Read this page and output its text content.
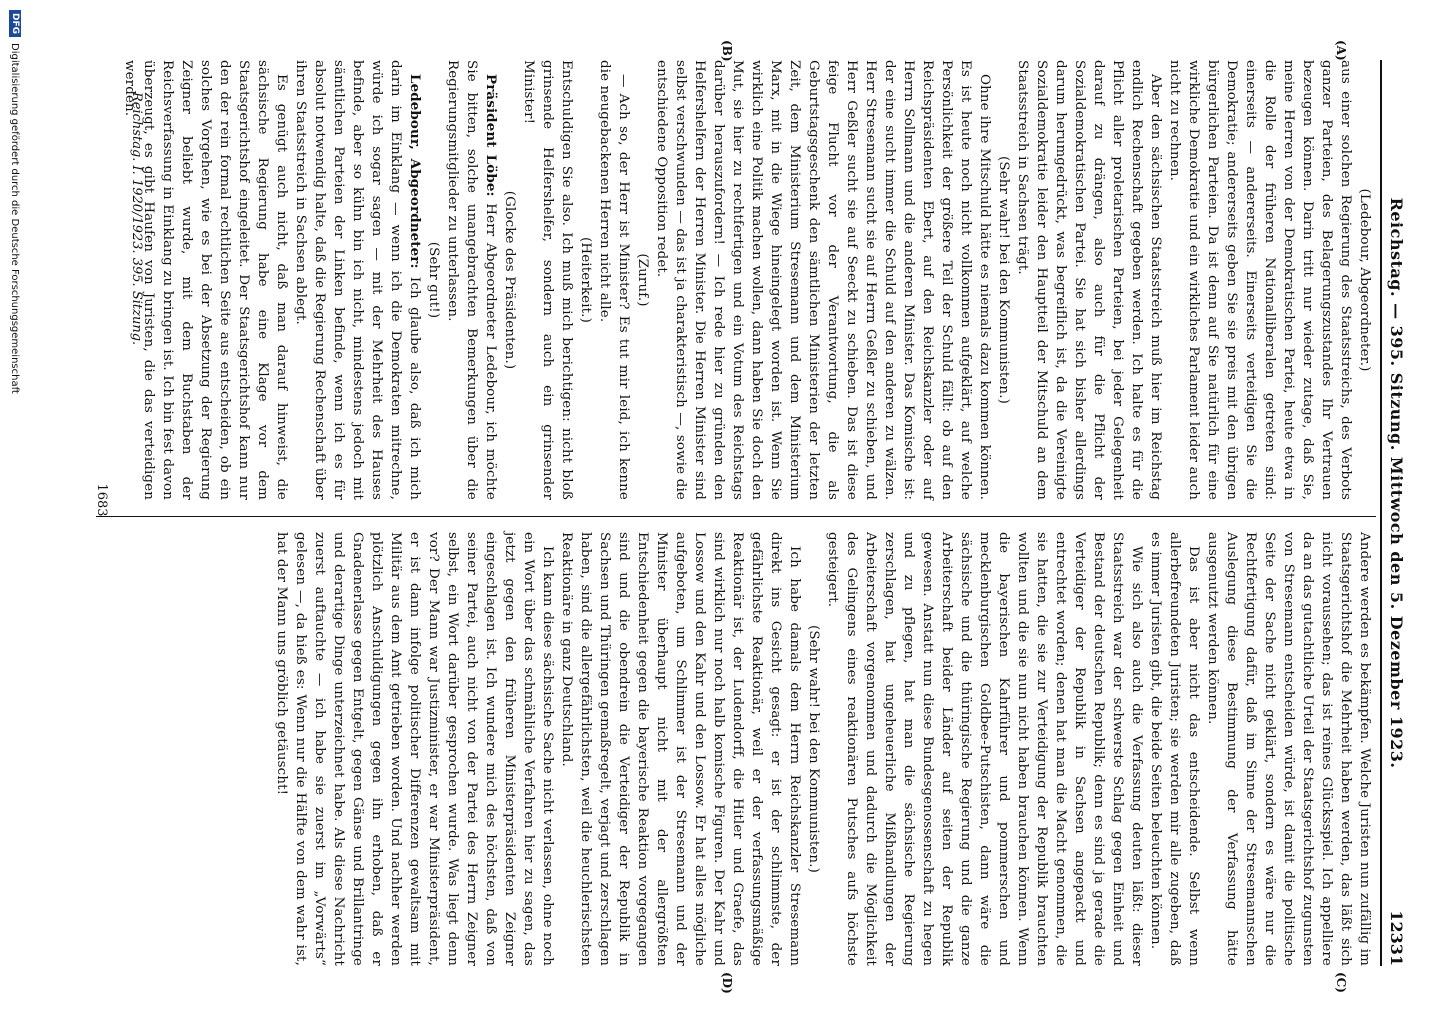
Reichstag. — 395. Sitzung. Mittwoch den 5. Dezember 1923.
12331
(A)
(B)
(C)
(D)

(Ledebour, Abgeordneter.)

aus einer solchen Regierung des Staatsstreichs, des Verbots ganzer Parteien, des Belagerungszustandes Ihr Vertrauen bezeugen können. Darin tritt nur wieder zutage, daß Sie, meine Herren von der Demokratischen Partei, heute etwa in die Rolle der früheren Nationalliberalen getreten sind: einerseits — andererseits. Einerseits verteidigen Sie die Demokratie; andererseits geben Sie sie preis mit den übrigen bürgerlichen Parteien. Da ist denn auf Sie natürlich für eine wirkliche Demokratie und ein wirkliches Parlament leider auch nicht zu rechnen.

Aber den sächsischen Staatsstreich muß hier im Reichstag endlich Rechenschaft gegeben werden. Ich halte es für die Pflicht aller proletarischen Parteien, bei jeder Gelegenheit darauf zu drängen, also auch für die Pflicht der Sozialdemokratischen Partei. Sie hat sich bisher allerdings darum herumgedrückt, was begreiflich ist, da die Vereinigte Sozialdemokratie leider den Hauptteil der Mitschuld an dem Staatsstreich in Sachsen trägt.

(Sehr wahr! bei den Kommunisten.)

Ohne ihre Mitschuld hätte es niemals dazu kommen können. Es ist heute noch nicht vollkommen aufgeklärt, auf welche Persönlichkeit der größere Teil der Schuld fällt: ob auf den Reichspräsidenten Ebert, auf den Reichskanzler oder auf Herrn Sollmann und die anderen Minister. Das Komische ist: der eine sucht immer die Schuld auf den anderen zu wälzen. Herr Stresemann sucht sie auf Herrn Geßler zu schieben, und Herr Geßler sucht sie auf Seeckt zu schieben. Das ist diese feige Flucht vor der Verantwortung, die als Geburtstagsgeschenk den sämtlichen Ministerien der letzten Zeit, dem Ministerium Stresemann und dem Ministerium Marx, mit in die Wiege hineingelegt worden ist. Wenn Sie wirklich eine Politik machen wollen, dann haben Sie doch den Mut, sie hier zu rechtfertigen und ein Votum des Reichstags darüber herauszufordern! — Ich rede hier zu gründen den Helfershelfern der Herren Minister. Die Herren Minister sind selbst verschwunden — das ist ja charakteristisch —, sowie die entschiedene Opposition redet.

(Zuruf.)

— Ach so, der Herr ist Minister? Es tut mir leid, ich kenne die neugebackenen Herren nicht alle.

(Heiterkeit.)

Entschuldigen Sie also. Ich muß mich berichtigen: nicht bloß grinsende Helfershelfer, sondern auch ein grinsender Minister!

(Glocke des Präsidenten.)

Präsident Löbe: Herr Abgeordneter Ledebour, ich möchte Sie bitten, solche unangebrachten Bemerkungen über die Regierungsmitglieder zu unterlassen.

(Sehr gut!)

Ledebour, Abgeordneter: Ich glaube also, daß ich mich darin im Einklang — wenn ich die Demokraten mitrechne, würde ich sogar sagen — mit der Mehrheit des Hauses befinde, aber so kühn bin ich nicht, mindestens jedoch mit sämtlichen Parteien der Linken befinde, wenn ich es für absolut notwendig halte, daß die Regierung Rechenschaft über ihren Staatsstreich in Sachsen ablegt.

Es genügt auch nicht, daß man darauf hinweist, die sächsische Regierung habe eine Klage vor dem Staatsgerichtshof eingeleitet. Der Staatsgerichtshof kann nur den der rein formal rechtlichen Seite aus entscheiden, ob ein solches Vorgehen, wie es bei der Absetzung der Regierung Zeigner beliebt wurde, mit dem Buchstaben der Reichsverfassung in Einklang zu bringen ist. Ich bin fest davon überzeugt, es gibt Haufen von Juristen, die das verteidigen werden.

Andere werden es bekämpfen. Welche Juristen nun zufällig im Staatsgerichtshof die Mehrheit haben werden, das läßt sich nicht voraussehen; das ist reines Glücksspiel. Ich appelliere da an das gutachtliche Urteil der Staatsgerichtshof zugunsten von Stresemann entscheiden würde, ist damit die politische Seite der Sache nicht geklärt, sondern es wäre nur die Rechtfertigung dafür, daß im Sinne der Stresemannschen Auslegung diese Bestimmung der Verfassung hätte ausgenutzt werden können.

Das ist aber nicht das entscheidende. Selbst wenn allerbefreundeten Juristen; sie werden mir alle zugeben, daß es immer Juristen gibt, die beide Seiten beleuchten können.

Wie sich also auch die Verfassung deuten läßt: dieser Staatsstreich war der schwerste Schlag gegen Einheit und Bestand der deutschen Republik; denn es sind ja gerade die Verteidiger der Republik in Sachsen angepackt und entrechtet worden; denen hat man die Macht genommen, die sie hatten, die sie zur Verteidigung der Republik brauchten wollten und die sie nun nicht haben brauchen können. Wenn die bayerischen Kahrführer und pommerschen und mecklenburgischen Goldbee-Putschisten, dann wäre die sächsische und die thüringische Regierung und die ganze Arbeiterschaft beider Länder auf seiten der Republik gewesen. Anstatt nun diese Bundesgenossenschaft zu hegen und zu pflegen, hat man die sächsische Regierung zerschlagen, hat ungeheuerliche Mißhandlungen der Arbeiterschaft vorgenommen und dadurch die Möglichkeit des Gelingens eines reaktionären Putsches aufs höchste gesteigert.

(Sehr wahr! bei den Kommunisten.)

Ich habe damals dem Herrn Reichskanzler Stresemann direkt ins Gesicht gesagt: er ist der schlimmste, der gefährlichste Reaktionär, weil er der verfassungsmäßige Reaktionär ist, der Ludendorff, die Hitler und Graefe, das sind wirklich nur noch halb komische Figuren. Der Kahr und Lossow und den Kahr und den Lossow. Er hat alles mögliche aufgeboten, um Schlimmer ist der Stresemann und der Minister überhaupt nicht mit der allergrößten Entschiedenheit gegen die bayerische Reaktion vorgegangen sind und die obendrein die Verteidiger der Republik in Sachsen und Thüringen gemaßregelt, verjagt und zerschlagen haben, sind die allergefährlichsten, weil die heuchlerischsten Reaktionäre in ganz Deutschland.

Ich kann diese sächsische Sache nicht verlassen, ohne noch ein Wort über das schmähliche Verfahren hier zu sagen, das jetzt gegen den früheren Ministerpräsidenten Zeigner eingeschlagen ist. Ich wundere mich des höchsten, daß von seiner Partei, auch nicht von der Partei des Herrn Zeigner selbst, ein Wort darüber gesprochen wurde. Was liegt denn vor? Der Mann war Justizminister, er war Ministerpräsident, er ist dann infolge politischer Differenzen gewaltsam mit Militär aus dem Amt getrieben worden. Und nachher werden plötzlich Anschuldigungen gegen ihn erhoben, daß er Gnadenerlasse gegen Entgelt, gegen Gänse und Brillantringe und derartige Dinge unterzeichnet habe. Als diese Nachricht zuerst auftauchte — ich habe sie zuerst im „Vorwärts“ gelesen —, da hieß es: Wenn nur die Hälfte von dem wahr ist, hat der Mann uns gröblich getäuscht!

Reichstag. I. 1920/1923. 395. Sitzung.
1683
DFG
Digitalisierung gefördert durch die Deutsche Forschungsgemeinschaft
